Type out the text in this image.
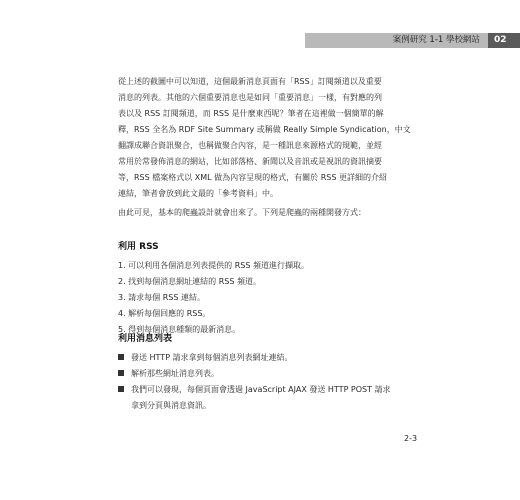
案例研究 1-1 學校網站	02
從上述的截圖中可以知道，這個最新消息頁面有「RSS」訂閱頻道以及重要
消息的列表。其他的六個重要消息也是如同「重要消息」一樣，有對應的列
表以及 RSS 訂閱頻道，而 RSS 是什麼東西呢？筆者在這裡做一個簡單的解
釋，RSS 全名為 RDF Site Summary 或稱做 Really Simple Syndication，中文
翻譯成聯合資訊聚合，也稱做聚合內容，是一種訊息來源格式的規範，並經
常用於常發佈消息的網站，比如部落格、新聞以及音訊或是視訊的資訊摘要
等，RSS 檔案格式以 XML 做為內容呈現的格式，有關於 RSS 更詳細的介紹
連結，筆者會放到此文最的「參考資料」中。
由此可見，基本的爬蟲設計就會出來了。下列是爬蟲的兩種開發方式：
利用 RSS
1. 可以利用各個消息列表提供的 RSS 頻道進行擷取。
2. 找到每個消息網址連結的 RSS 頻道。
3. 請求每個 RSS 連結。
4. 解析每個回應的 RSS。
5. 得到每個消息種類的最新消息。
利用消息列表
發送 HTTP 請求拿到每個消息列表網址連結。
解析那些網址消息列表。
我們可以發現，每個頁面會透過 JavaScript AJAX 發送 HTTP POST 請求
拿到分頁與消息資訊。
2-3
